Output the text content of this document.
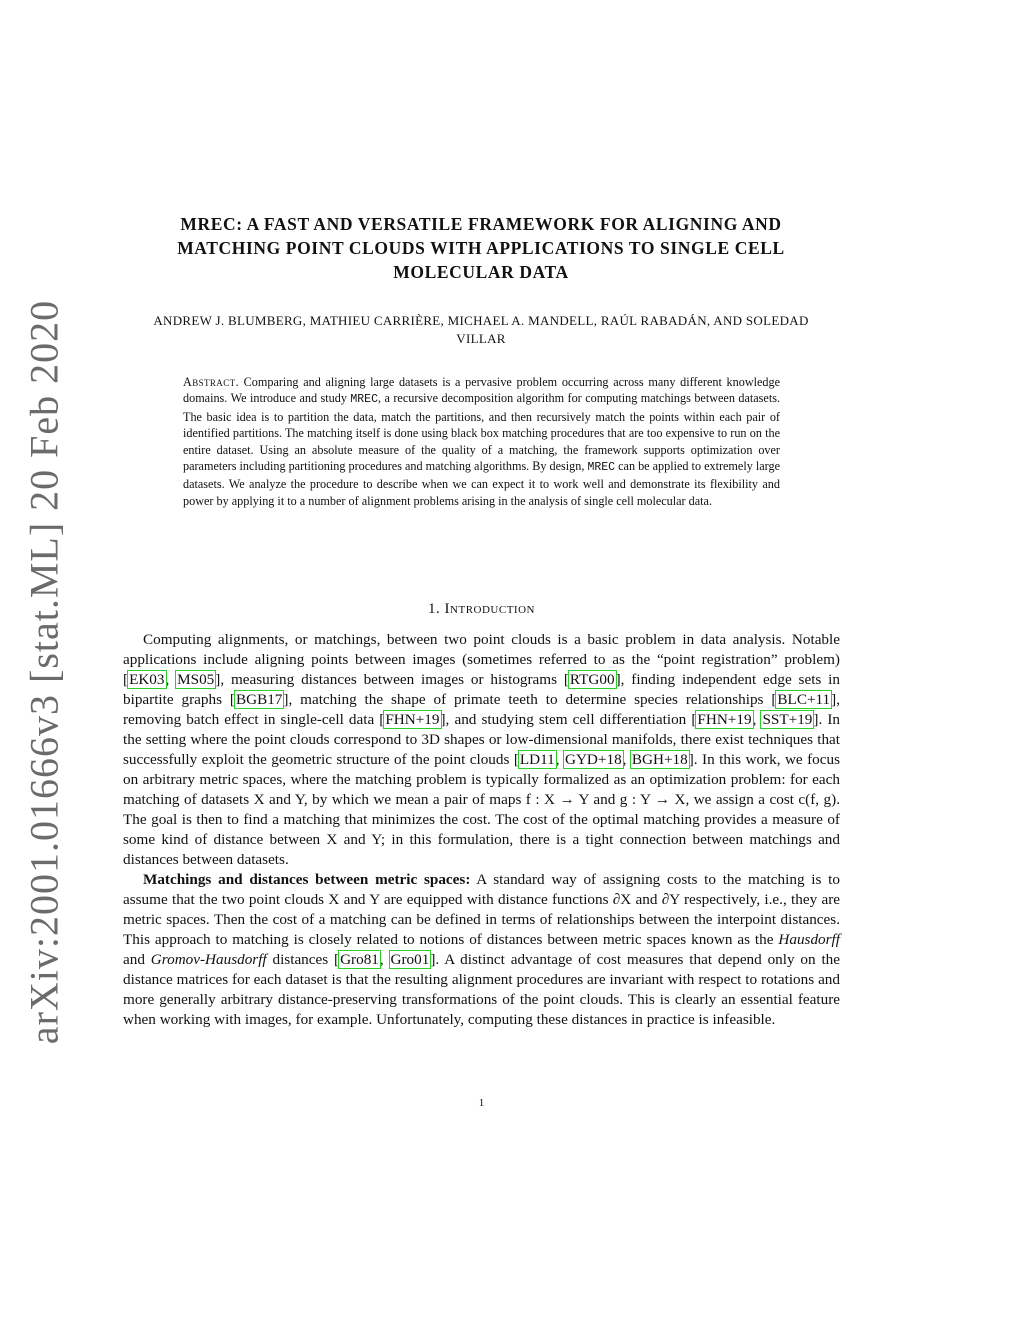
arXiv:2001.01666v3 [stat.ML] 20 Feb 2020
MREC: A FAST AND VERSATILE FRAMEWORK FOR ALIGNING AND MATCHING POINT CLOUDS WITH APPLICATIONS TO SINGLE CELL MOLECULAR DATA
ANDREW J. BLUMBERG, MATHIEU CARRIÈRE, MICHAEL A. MANDELL, RAÚL RABADÁN, AND SOLEDAD VILLAR
Abstract. Comparing and aligning large datasets is a pervasive problem occurring across many different knowledge domains. We introduce and study MREC, a recursive decomposition algorithm for computing matchings between datasets. The basic idea is to partition the data, match the partitions, and then recursively match the points within each pair of identified partitions. The matching itself is done using black box matching procedures that are too expensive to run on the entire dataset. Using an absolute measure of the quality of a matching, the framework supports optimization over parameters including partitioning procedures and matching algorithms. By design, MREC can be applied to extremely large datasets. We analyze the procedure to describe when we can expect it to work well and demonstrate its flexibility and power by applying it to a number of alignment problems arising in the analysis of single cell molecular data.
1. Introduction

Computing alignments, or matchings, between two point clouds is a basic problem in data analysis. Notable applications include aligning points between images (sometimes referred to as the “point registration” problem) [EK03, MS05], measuring distances between images or histograms [RTG00], finding independent edge sets in bipartite graphs [BGB17], matching the shape of primate teeth to determine species relationships [BLC+11], removing batch effect in single-cell data [FHN+19], and studying stem cell differentiation [FHN+19, SST+19]. In the setting where the point clouds correspond to 3D shapes or low-dimensional manifolds, there exist techniques that successfully exploit the geometric structure of the point clouds [LD11, GYD+18, BGH+18]. In this work, we focus on arbitrary metric spaces, where the matching problem is typically formalized as an optimization problem: for each matching of datasets X and Y, by which we mean a pair of maps f : X → Y and g : Y → X, we assign a cost c(f, g). The goal is then to find a matching that minimizes the cost. The cost of the optimal matching provides a measure of some kind of distance between X and Y; in this formulation, there is a tight connection between matchings and distances between datasets.

Matchings and distances between metric spaces: A standard way of assigning costs to the matching is to assume that the two point clouds X and Y are equipped with distance functions ∂X and ∂Y respectively, i.e., they are metric spaces. Then the cost of a matching can be defined in terms of relationships between the interpoint distances. This approach to matching is closely related to notions of distances between metric spaces known as the Hausdorff and Gromov-Hausdorff distances [Gro81, Gro01]. A distinct advantage of cost measures that depend only on the distance matrices for each dataset is that the resulting alignment procedures are invariant with respect to rotations and more generally arbitrary distance-preserving transformations of the point clouds. This is clearly an essential feature when working with images, for example. Unfortunately, computing these distances in practice is infeasible.

1
